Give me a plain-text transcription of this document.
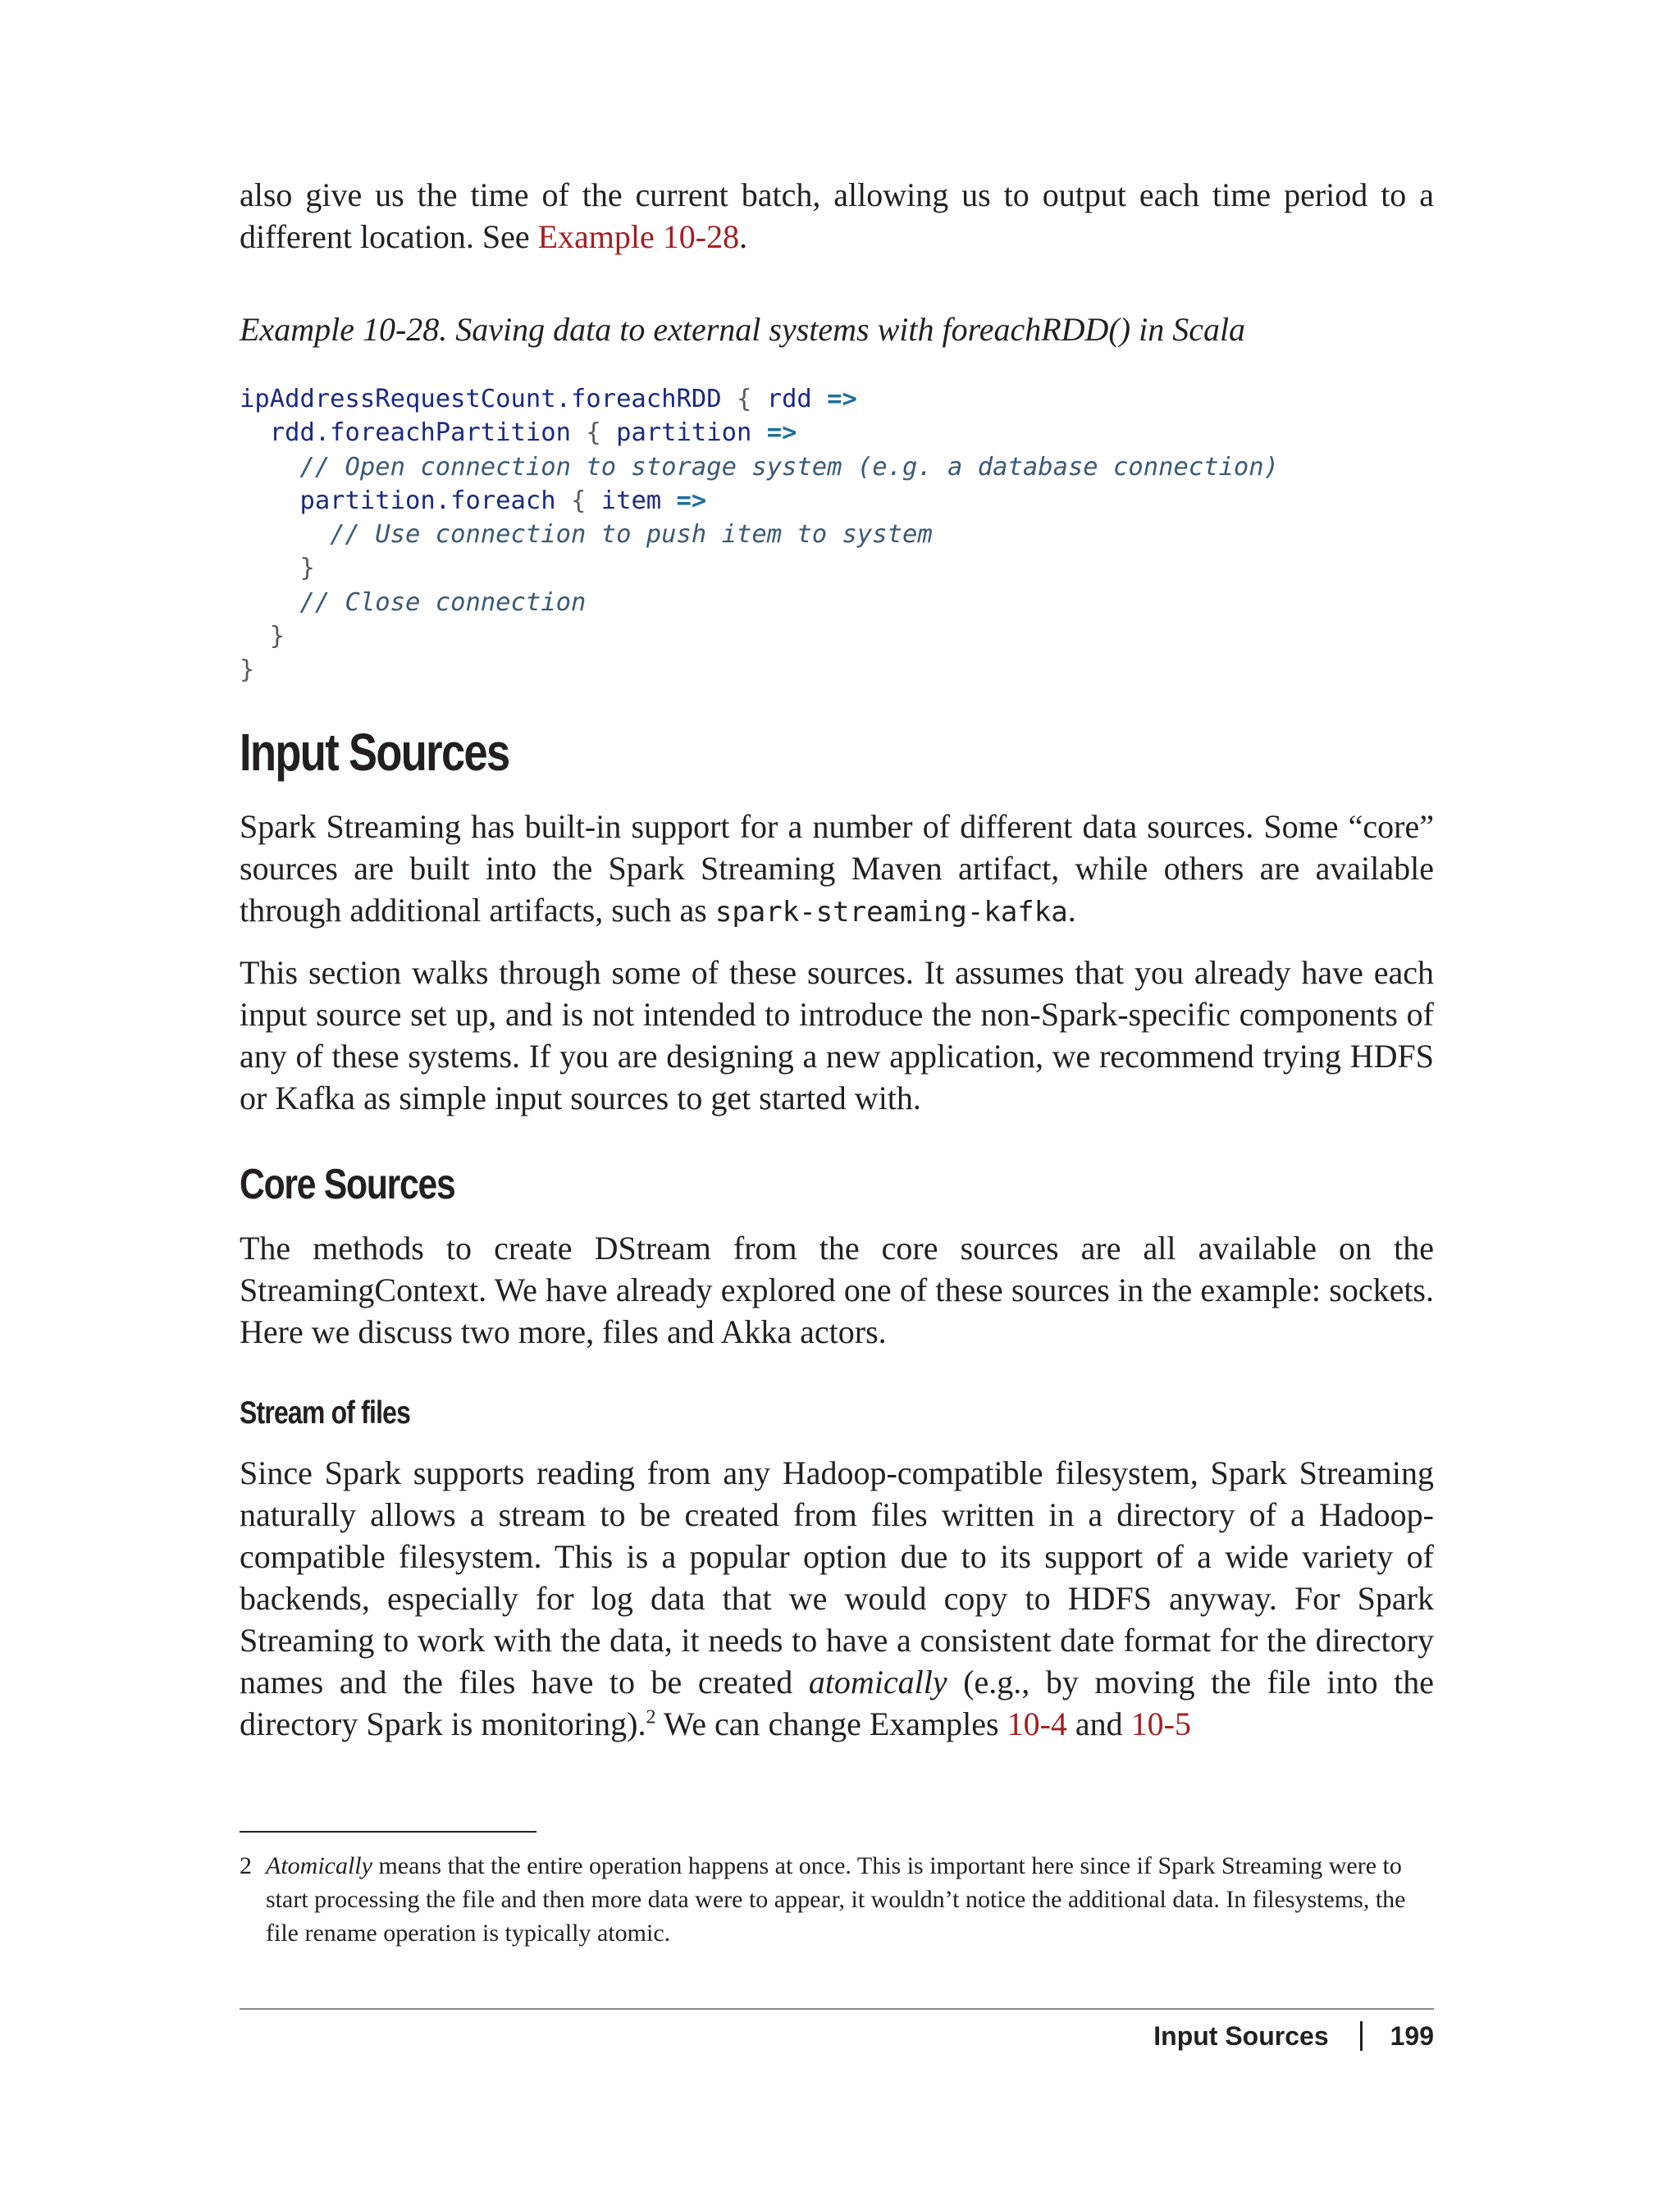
also give us the time of the current batch, allowing us to output each time period to a different location. See Example 10-28.

Example 10-28. Saving data to external systems with foreachRDD() in Scala

ipAddressRequestCount.foreachRDD { rdd =>
rdd.foreachPartition { partition =>
// Open connection to storage system (e.g. a database connection)
partition.foreach { item =>
// Use connection to push item to system
}
// Close connection
}
}
Input Sources

Spark Streaming has built-in support for a number of different data sources. Some “core” sources are built into the Spark Streaming Maven artifact, while others are available through additional artifacts, such as spark-streaming-kafka.

This section walks through some of these sources. It assumes that you already have each input source set up, and is not intended to introduce the non-Spark-specific components of any of these systems. If you are designing a new application, we recommend trying HDFS or Kafka as simple input sources to get started with.

Core Sources

The methods to create DStream from the core sources are all available on the StreamingContext. We have already explored one of these sources in the example: sockets. Here we discuss two more, files and Akka actors.

Stream of files

Since Spark supports reading from any Hadoop-compatible filesystem, Spark Streaming naturally allows a stream to be created from files written in a directory of a Hadoop-compatible filesystem. This is a popular option due to its support of a wide variety of backends, especially for log data that we would copy to HDFS anyway. For Spark Streaming to work with the data, it needs to have a consistent date format for the directory names and the files have to be created atomically (e.g., by moving the file into the directory Spark is monitoring).$^2$ We can change Examples 10-4 and 10-5

2 Atomically means that the entire operation happens at once. This is important here since if Spark Streaming were to start processing the file and then more data were to appear, it wouldn’t notice the additional data. In filesystems, the file rename operation is typically atomic.
Input Sources 199
